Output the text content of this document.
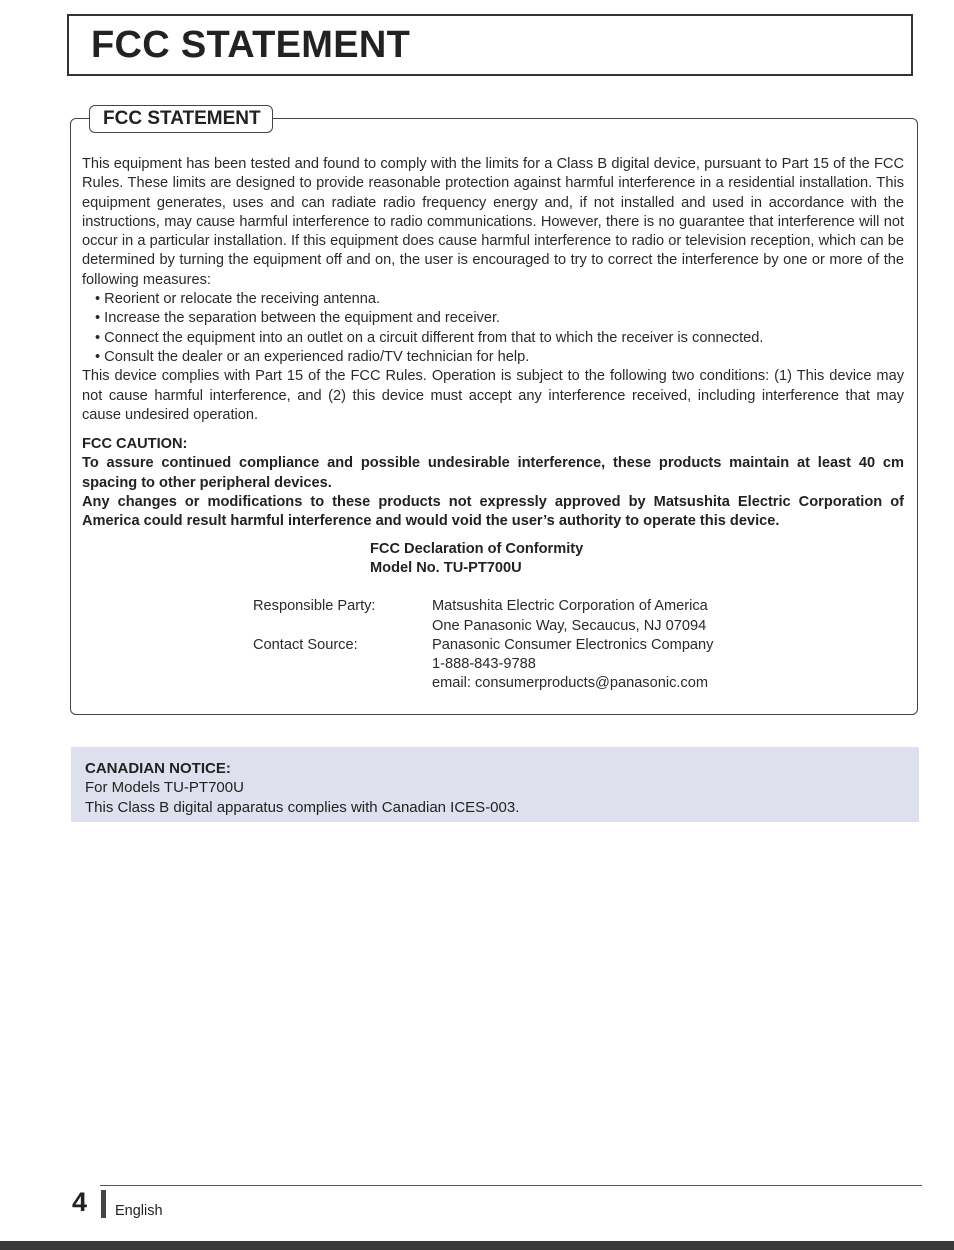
FCC STATEMENT
FCC STATEMENT

This equipment has been tested and found to comply with the limits for a Class B digital device, pursuant to Part 15 of the FCC Rules. These limits are designed to provide reasonable protection against harmful interference in a residential installation. This equipment generates, uses and can radiate radio frequency energy and, if not installed and used in accordance with the instructions, may cause harmful interference to radio communications. However, there is no guarantee that interference will not occur in a particular installation. If this equipment does cause harmful interference to radio or television reception, which can be determined by turning the equipment off and on, the user is encouraged to try to correct the interference by one or more of the following measures:

• Reorient or relocate the receiving antenna.
• Increase the separation between the equipment and receiver.
• Connect the equipment into an outlet on a circuit different from that to which the receiver is connected.
• Consult the dealer or an experienced radio/TV technician for help.

This device complies with Part 15 of the FCC Rules. Operation is subject to the following two conditions: (1) This device may not cause harmful interference, and (2) this device must accept any interference received, including interference that may cause undesired operation.

FCC CAUTION:

To assure continued compliance and possible undesirable interference, these products maintain at least 40 cm spacing to other peripheral devices.

Any changes or modifications to these products not expressly approved by Matsushita Electric Corporation of America could result harmful interference and would void the user’s authority to operate this device.

FCC Declaration of Conformity
Model No. TU-PT700U
Responsible Party:	Matsushita Electric Corporation of America
One Panasonic Way, Secaucus, NJ 07094

Contact Source:	Panasonic Consumer Electronics Company
1-888-843-9788
email: consumerproducts@panasonic.com
CANADIAN NOTICE:
For Models TU-PT700U
This Class B digital apparatus complies with Canadian ICES-003.
4 English
